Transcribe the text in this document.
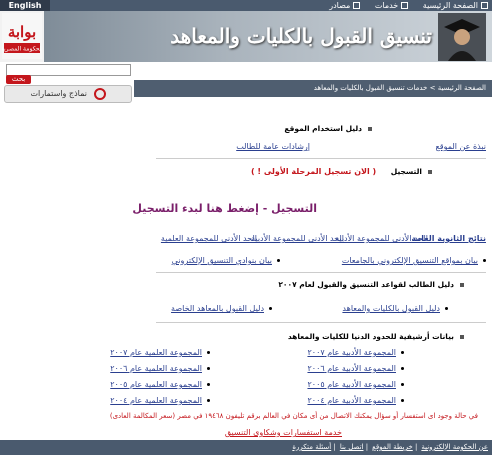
English	الصفحة الرئيسية خدمات مصادر
بوابة
الحكومة المصرية
تنسيق القبول بالكليات والمعاهد
بحث
نماذج واستمارات
الصفحة الرئيسية > خدمات تنسيق القبول بالكليات والمعاهد
دليل استخدام الموقع
نبذة عن الموقع
إرشادات عامة للطالب
التسجيل ( الان تسجيل المرحلة الأولى ! )
التسجيل - إضغط هنا لبدء التسجيل
نتائج الثانوية العامة
الحد الأدنى للمجموعة الأدبية
الحد الأدنى للمجموعة الأدبية
الحد الأدنى للمجموعة العلمية
بيان بمواقع التنسيق الإلكتروني بالجامعات
بيان بنوادي التنسيق الإلكتروني
دليل الطالب لقواعد التنسيق والقبول لعام ٢٠٠٧
دليل القبول بالكليات والمعاهد
دليل القبول بالمعاهد الخاصة
بيانات أرشيفية للحدود الدنيا للكليات والمعاهد
المجموعة الأدبية عام ٢٠٠٧
المجموعة الأدبية عام ٢٠٠٦
المجموعة الأدبية عام ٢٠٠٥
المجموعة الأدبية عام ٢٠٠٤
المجموعة العلمية عام ٢٠٠٧
المجموعة العلمية عام ٢٠٠٦
المجموعة العلمية عام ٢٠٠٥
المجموعة العلمية عام ٢٠٠٤
في حالة وجود اى استفسار أو سؤال يمكنك الاتصال من أى مكان في العالم برقم تليفون ١٩٤٦٨ في مصر (سعر المكالمة العادى)
خدمة استفسارات وشكاوى التنسيق
عن الحكومة الإلكترونية| خريطة الموقع| اتصل بنا| أسئلة متكررة
